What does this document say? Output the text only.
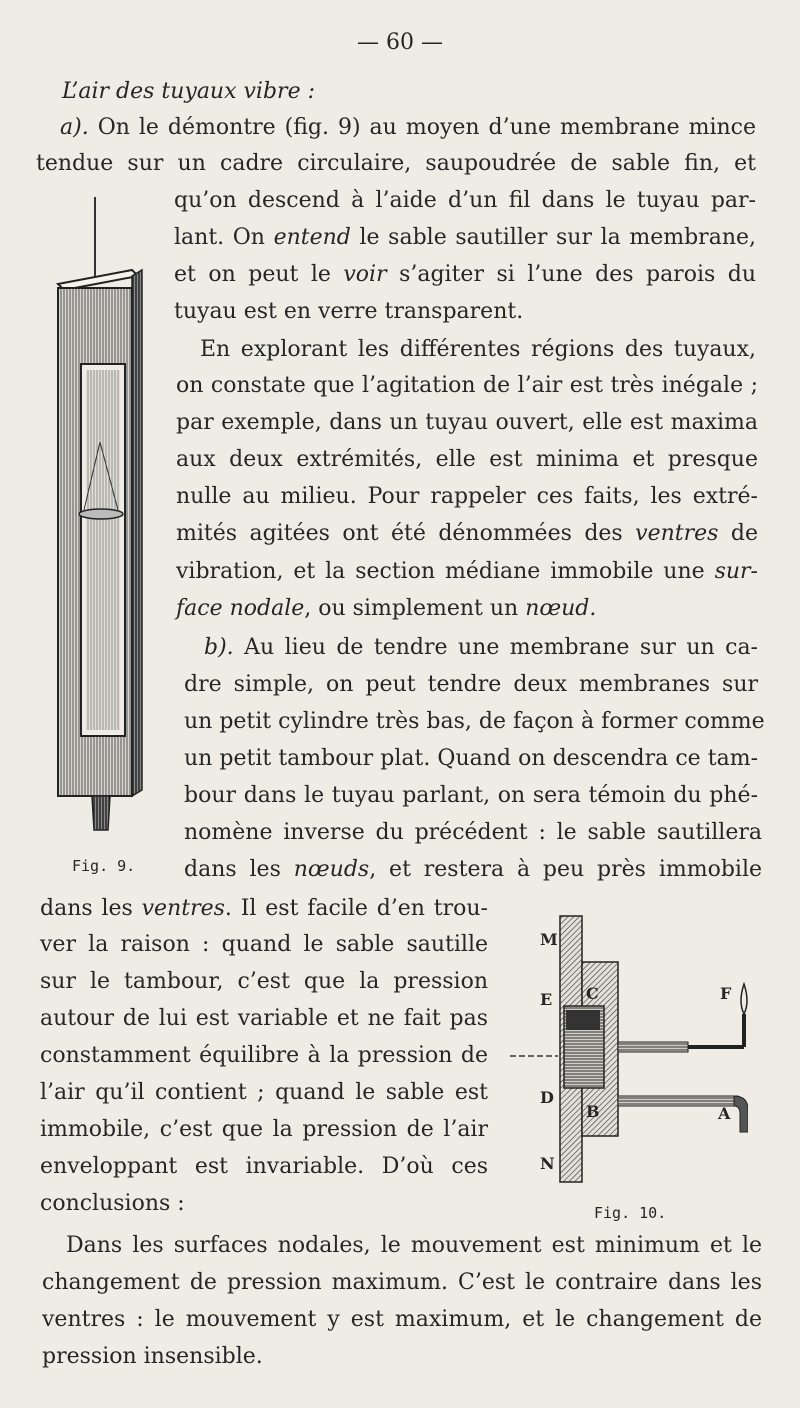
— 60 —
L’air des tuyaux vibre :
a). On le démontre (fig. 9) au moyen d’une membrane mince
tendue sur un cadre circulaire, saupoudrée de sable fin, et
qu’on descend à l’aide d’un fil dans le tuyau par-
lant. On entend le sable sautiller sur la membrane,
et on peut le voir s’agiter si l’une des parois du
tuyau est en verre transparent.
En explorant les différentes régions des tuyaux,
on constate que l’agitation de l’air est très inégale ;
par exemple, dans un tuyau ouvert, elle est maxima
aux deux extrémités, elle est minima et presque
nulle au milieu. Pour rappeler ces faits, les extré-
mités agitées ont été dénommées des ventres de
vibration, et la section médiane immobile une sur-
face nodale, ou simplement un nœud.
b). Au lieu de tendre une membrane sur un ca-
dre simple, on peut tendre deux membranes sur
un petit cylindre très bas, de façon à former comme
un petit tambour plat. Quand on descendra ce tam-
bour dans le tuyau parlant, on sera témoin du phé-
nomène inverse du précédent : le sable sautillera
dans les nœuds, et restera à peu près immobile
dans les ventres. Il est facile d’en trou-
ver la raison : quand le sable sautille
sur le tambour, c’est que la pression
autour de lui est variable et ne fait pas
constamment équilibre à la pression de
l’air qu’il contient ; quand le sable est
immobile, c’est que la pression de l’air
enveloppant est invariable. D’où ces
conclusions :
Dans les surfaces nodales, le mouvement est minimum et le
changement de pression maximum. C’est le contraire dans les
ventres : le mouvement y est maximum, et le changement de
pression insensible.
Fig. 9.
M
E C	F
D
B	A
N
Fig. 10.
